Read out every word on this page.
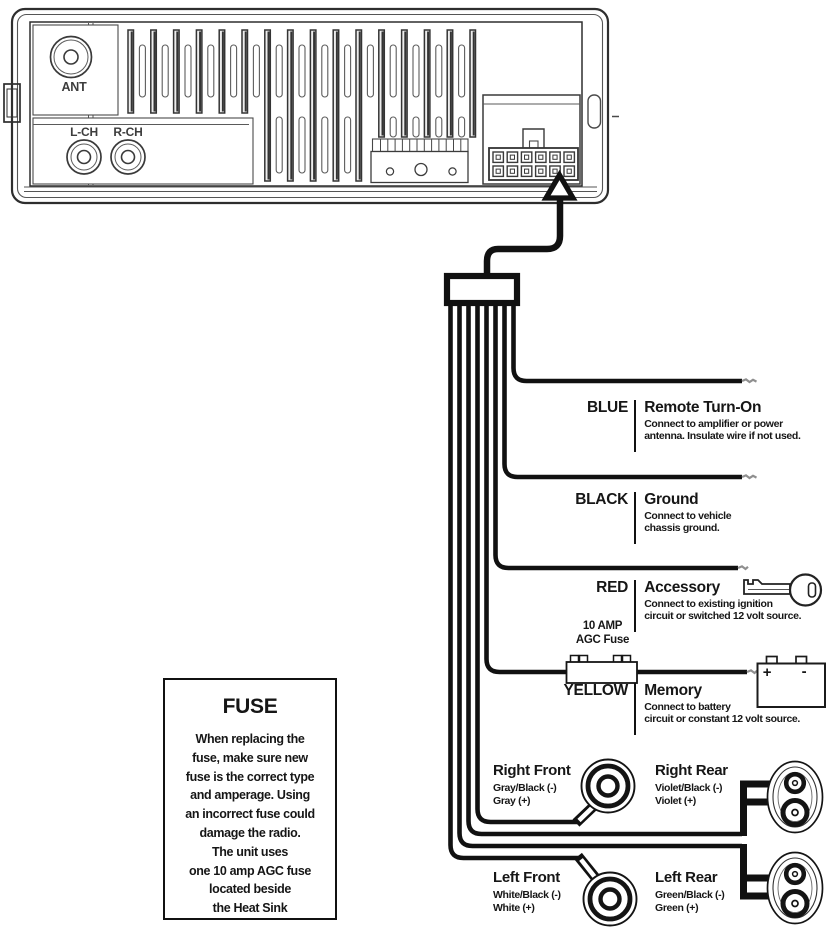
ANT
L-CH	R-CH
BLUE	Remote Turn-On
Connect to amplifier or power
antenna. Insulate wire if not used.
BLACK	Ground
Connect to vehicle
chassis ground.
RED	Accessory
Connect to existing ignition
circuit or switched 12 volt source.
YELLOW	Memory
Connect to battery
circuit or constant 12 volt source.
10 AMP
AGC Fuse
+	-
Right Front
Gray/Black (-)
Gray (+)
Right Rear
Violet/Black (-)
Violet (+)
Left Front
White/Black (-)
White (+)
Left Rear
Green/Black (-)
Green (+)
FUSE
When replacing the
fuse, make sure new
fuse is the correct type
and amperage. Using
an incorrect fuse could
damage the radio.
The unit uses
one 10 amp AGC fuse
located beside
the Heat Sink
